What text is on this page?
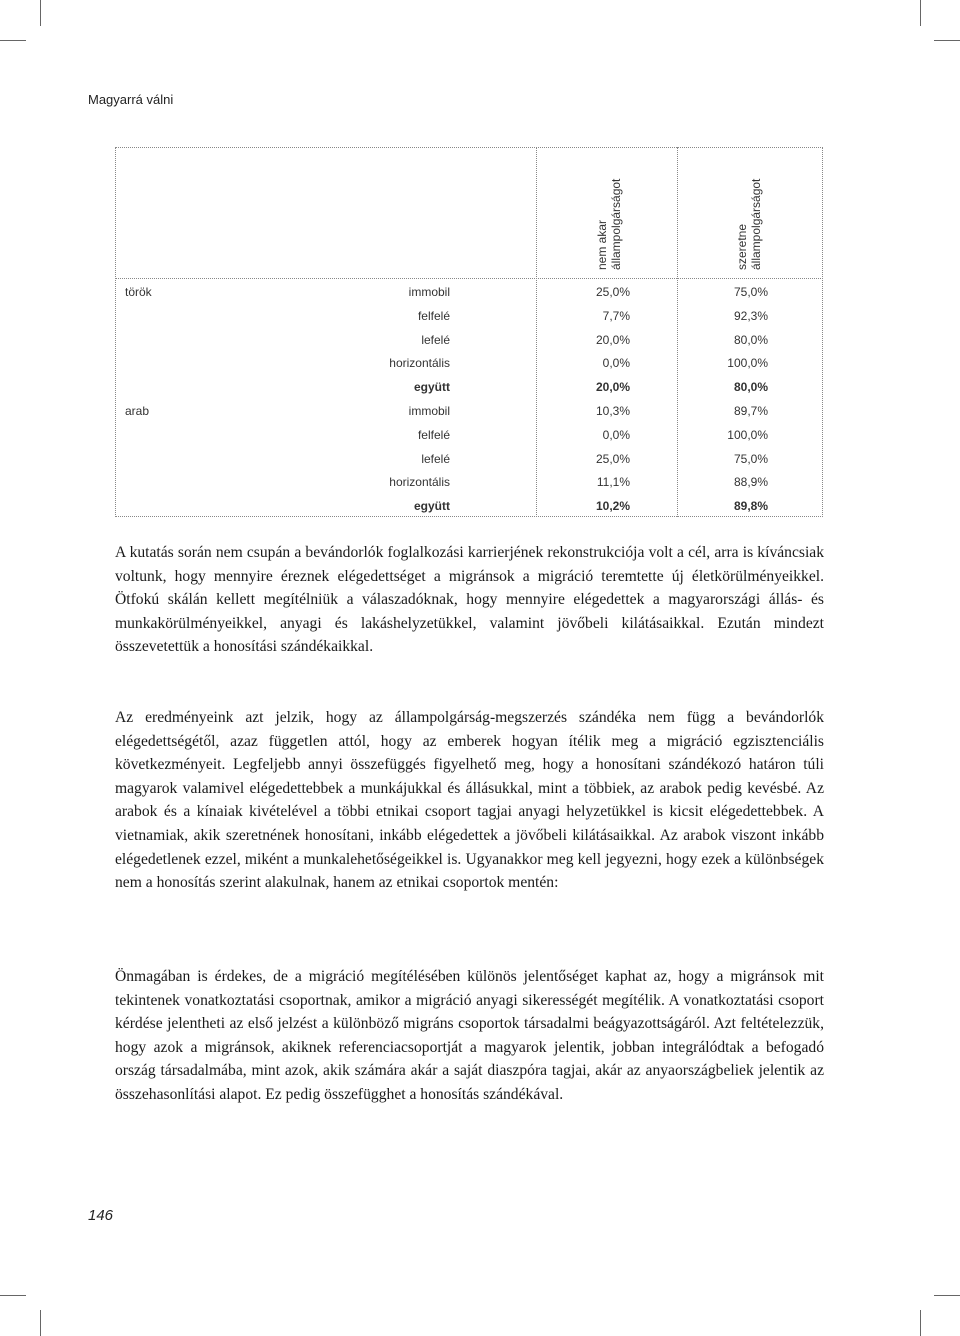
Magyarrá válni
nem akar állampolgárságot	szeretne állampolgárságot
török	immobil	25,0%	75,0%
felfelé	7,7%	92,3%
lefelé	20,0%	80,0%
horizontális	0,0%	100,0%
együtt	20,0%	80,0%
arab	immobil	10,3%	89,7%
felfelé	0,0%	100,0%
lefelé	25,0%	75,0%
horizontális	11,1%	88,9%
együtt	10,2%	89,8%

A kutatás során nem csupán a bevándorlók foglalkozási karrierjének rekonstrukciója volt a cél, arra is kíváncsiak voltunk, hogy mennyire éreznek elégedettséget a migránsok a migráció teremtette új életkörülményeikkel. Ötfokú skálán kellett megítélniük a válaszadóknak, hogy mennyire elégedettek a magyarországi állás- és munkakörülményeikkel, anyagi és lakáshelyzetükkel, valamint jövőbeli kilátásaikkal. Ezután mindezt összevetettük a honosítási szándékaikkal.

Az eredményeink azt jelzik, hogy az állampolgárság-megszerzés szándéka nem függ a bevándorlók elégedettségétől, azaz független attól, hogy az emberek hogyan ítélik meg a migráció egzisztenciális következményeit. Legfeljebb annyi összefüggés figyelhető meg, hogy a honosítani szándékozó határon túli magyarok valamivel elégedettebbek a munkájukkal és állásukkal, mint a többiek, az arabok pedig kevésbé. Az arabok és a kínaiak kivételével a többi etnikai csoport tagjai anyagi helyzetükkel is kicsit elégedettebbek. A vietnamiak, akik szeretnének honosítani, inkább elégedettek a jövőbeli kilátásaikkal. Az arabok viszont inkább elégedetlenek ezzel, miként a munkalehetőségeikkel is. Ugyanakkor meg kell jegyezni, hogy ezek a különbségek nem a honosítás szerint alakulnak, hanem az etnikai csoportok mentén:

Önmagában is érdekes, de a migráció megítélésében különös jelentőséget kaphat az, hogy a migránsok mit tekintenek vonatkoztatási csoportnak, amikor a migráció anyagi sikerességét megítélik. A vonatkoztatási csoport kérdése jelentheti az első jelzést a különböző migráns csoportok társadalmi beágyazottságáról. Azt feltételezzük, hogy azok a migránsok, akiknek referenciacsoportját a magyarok jelentik, jobban integrálódtak a befogadó ország társadalmába, mint azok, akik számára akár a saját diaszpóra tagjai, akár az anyaországbeliek jelentik az összehasonlítási alapot. Ez pedig összefügghet a honosítás szándékával.

146
